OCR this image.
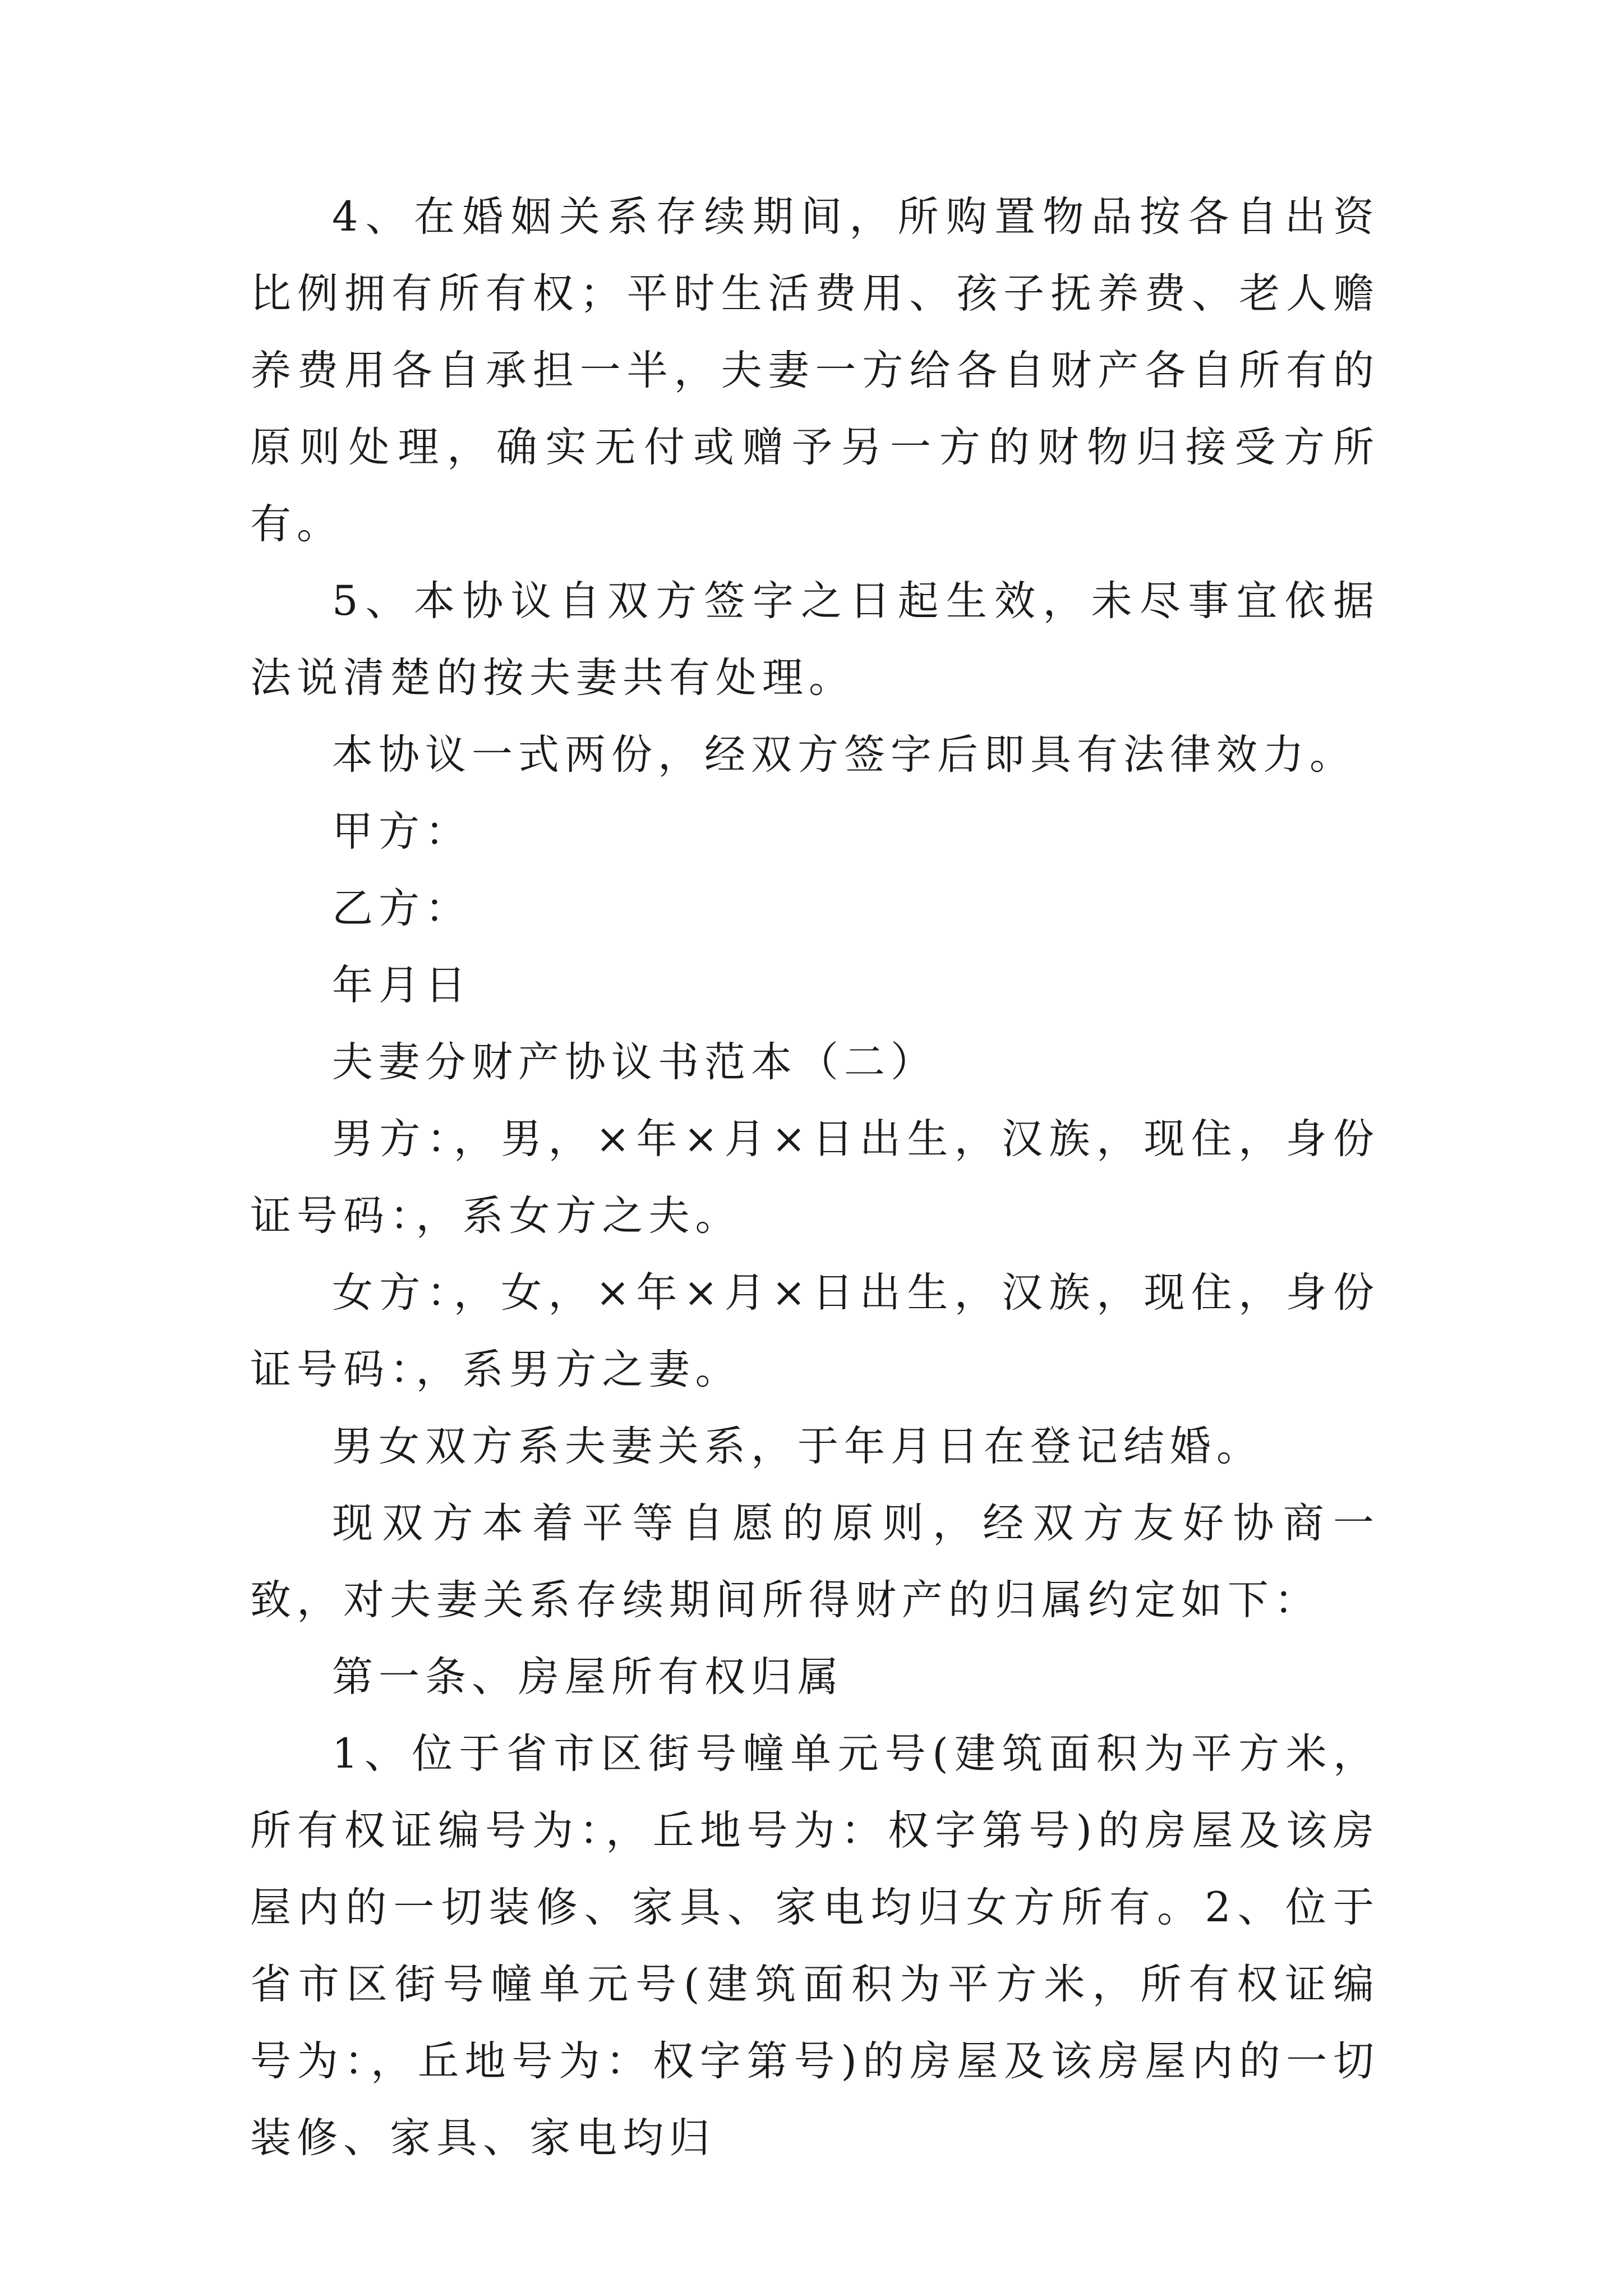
4、在婚姻关系存续期间，所购置物品按各自出资比例拥有所有权；平时生活费用、孩子抚养费、老人赡养费用各自承担一半，夫妻一方给各自财产各自所有的原则处理，确实无付或赠予另一方的财物归接受方所有。

5、本协议自双方签字之日起生效，未尽事宜依据法说清楚的按夫妻共有处理。

本协议一式两份，经双方签字后即具有法律效力。

甲方：

乙方：

年月日

夫妻分财产协议书范本（二）

男方：，男，×年×月×日出生，汉族，现住，身份证号码：，系女方之夫。

女方：，女，×年×月×日出生，汉族，现住，身份证号码：，系男方之妻。

男女双方系夫妻关系，于年月日在登记结婚。

现双方本着平等自愿的原则，经双方友好协商一致，对夫妻关系存续期间所得财产的归属约定如下：

第一条、房屋所有权归属

1、位于省市区街号幢单元号(建筑面积为平方米，所有权证编号为：，丘地号为：权字第号)的房屋及该房屋内的一切装修、家具、家电均归女方所有。2、位于省市区街号幢单元号(建筑面积为平方米，所有权证编号为：，丘地号为：权字第号)的房屋及该房屋内的一切装修、家具、家电均归
